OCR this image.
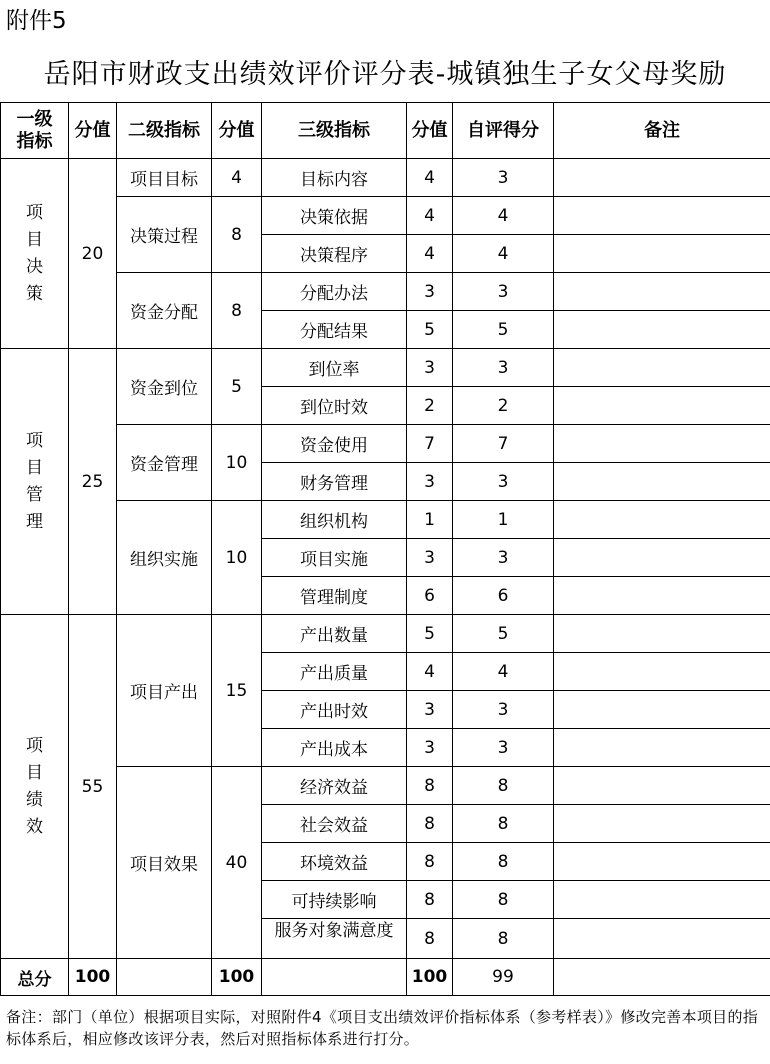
附件5
岳阳市财政支出绩效评价评分表-城镇独生子女父母奖励
一级
指标	分值	二级指标	分值	三级指标	分值	自评得分	备注

项目决策	20	项目目标	4	目标内容	4	3	
		决策过程	8	决策依据	4	4	
				决策程序	4	4	
		资金分配	8	分配办法	3	3	
				分配结果	5	5	

项目管理	25	资金到位	5	到位率	3	3	
				到位时效	2	2	
		资金管理	10	资金使用	7	7	
				财务管理	3	3	
		组织实施	10	组织机构	1	1	
				项目实施	3	3	
				管理制度	6	6	

项目绩效	55	项目产出	15	产出数量	5	5	
				产出质量	4	4	
				产出时效	3	3	
				产出成本	3	3	
		项目效果	40	经济效益	8	8	
				社会效益	8	8	
				环境效益	8	8	
				可持续影响	8	8	
				服务对象满意度	8	8	
总分	100		100		100	99	
备注：部门（单位）根据项目实际，对照附件4《项目支出绩效评价指标体系（参考样表）》修改完善本项目的指标体系后，相应修改该评分表，然后对照指标体系进行打分。
